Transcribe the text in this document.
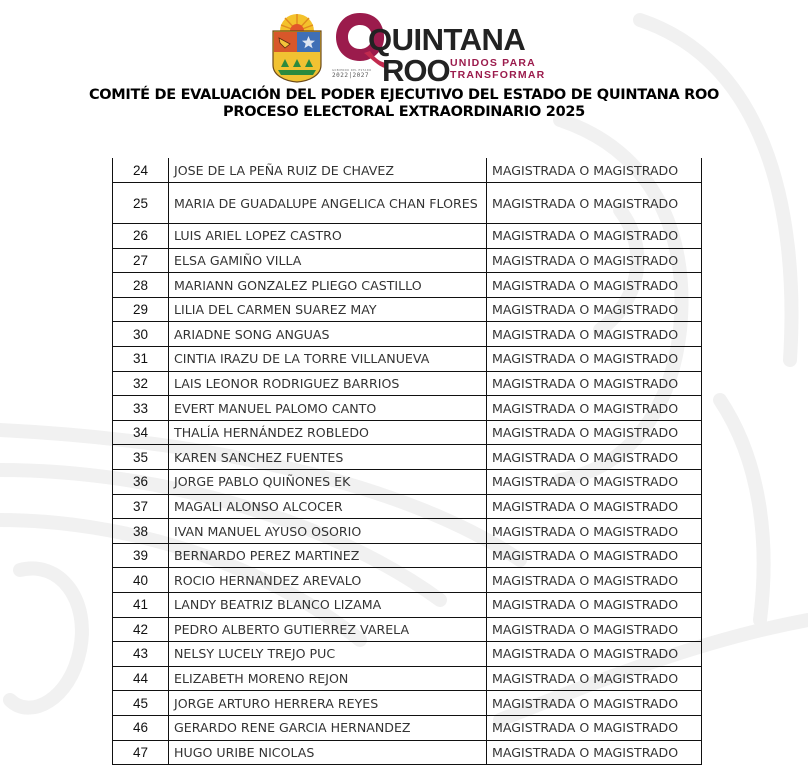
QUINTANA
ROO UNIDOS PARA
TRANSFORMAR
GOBIERNO DEL ESTADO
2022|2027
COMITÉ DE EVALUACIÓN DEL PODER EJECUTIVO DEL ESTADO DE QUINTANA ROO
PROCESO ELECTORAL EXTRAORDINARIO 2025
24	JOSE DE LA PEÑA RUIZ DE CHAVEZ	MAGISTRADA O MAGISTRADO
25	MARIA DE GUADALUPE ANGELICA CHAN FLORES	MAGISTRADA O MAGISTRADO
26	LUIS ARIEL LOPEZ CASTRO	MAGISTRADA O MAGISTRADO
27	ELSA GAMIÑO VILLA	MAGISTRADA O MAGISTRADO
28	MARIANN GONZALEZ PLIEGO CASTILLO	MAGISTRADA O MAGISTRADO
29	LILIA DEL CARMEN SUAREZ MAY	MAGISTRADA O MAGISTRADO
30	ARIADNE SONG ANGUAS	MAGISTRADA O MAGISTRADO
31	CINTIA IRAZU DE LA TORRE VILLANUEVA	MAGISTRADA O MAGISTRADO
32	LAIS LEONOR RODRIGUEZ BARRIOS	MAGISTRADA O MAGISTRADO
33	EVERT MANUEL PALOMO CANTO	MAGISTRADA O MAGISTRADO
34	THALÍA HERNÁNDEZ ROBLEDO	MAGISTRADA O MAGISTRADO
35	KAREN SANCHEZ FUENTES	MAGISTRADA O MAGISTRADO
36	JORGE PABLO QUIÑONES EK	MAGISTRADA O MAGISTRADO
37	MAGALI ALONSO ALCOCER	MAGISTRADA O MAGISTRADO
38	IVAN MANUEL AYUSO OSORIO	MAGISTRADA O MAGISTRADO
39	BERNARDO PEREZ MARTINEZ	MAGISTRADA O MAGISTRADO
40	ROCIO HERNANDEZ AREVALO	MAGISTRADA O MAGISTRADO
41	LANDY BEATRIZ BLANCO LIZAMA	MAGISTRADA O MAGISTRADO
42	PEDRO ALBERTO GUTIERREZ VARELA	MAGISTRADA O MAGISTRADO
43	NELSY LUCELY TREJO PUC	MAGISTRADA O MAGISTRADO
44	ELIZABETH MORENO REJON	MAGISTRADA O MAGISTRADO
45	JORGE ARTURO HERRERA REYES	MAGISTRADA O MAGISTRADO
46	GERARDO RENE GARCIA HERNANDEZ	MAGISTRADA O MAGISTRADO
47	HUGO URIBE NICOLAS	MAGISTRADA O MAGISTRADO
